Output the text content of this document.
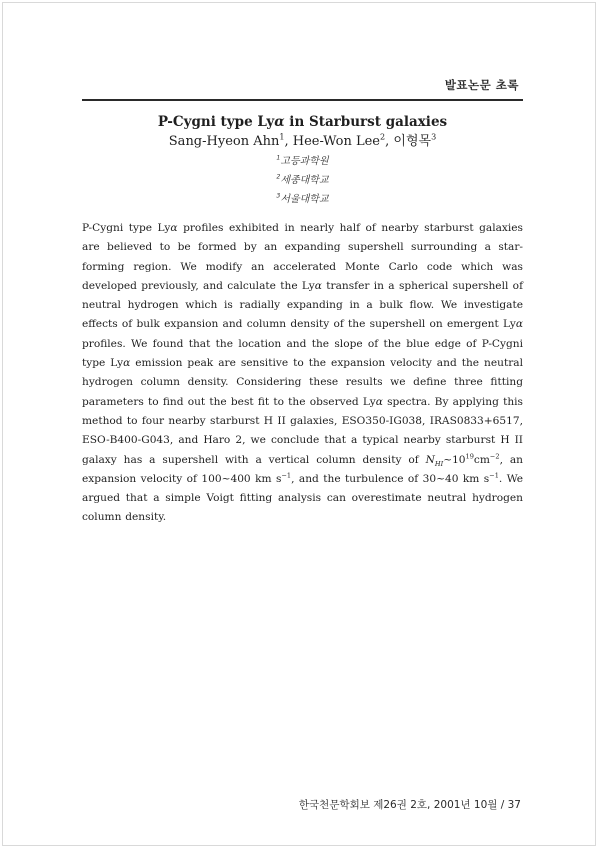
발표논문 초록
P-Cygni type Lyα in Starburst galaxies
Sang-Hyeon Ahn$^1$, Hee-Won Lee$^2$, 이형목$^3$
$^1$고등과학원
$^2$세종대학교
$^3$서울대학교
P-Cygni type Lyα profiles exhibited in nearly half of nearby starburst galaxies are believed to be formed by an expanding supershell surrounding a star-forming region. We modify an accelerated Monte Carlo code which was developed previously, and calculate the Lyα transfer in a spherical supershell of neutral hydrogen which is radially expanding in a bulk flow. We investigate effects of bulk expansion and column density of the supershell on emergent Lyα profiles. We found that the location and the slope of the blue edge of P-Cygni type Lyα emission peak are sensitive to the expansion velocity and the neutral hydrogen column density. Considering these results we define three fitting parameters to find out the best fit to the observed Lyα spectra. By applying this method to four nearby starburst H II galaxies, ESO350-IG038, IRAS0833+6517, ESO-B400-G043, and Haro 2, we conclude that a typical nearby starburst H II galaxy has a supershell with a vertical column density of $N_{HI}\sim 10^{19}cm^{-2}$, an expansion velocity of 100~400 km $s^{-1}$, and the turbulence of 30~40 km $s^{-1}$. We argued that a simple Voigt fitting analysis can overestimate neutral hydrogen column density.
한국천문학회보 제26권 2호, 2001년 10월 / 37
